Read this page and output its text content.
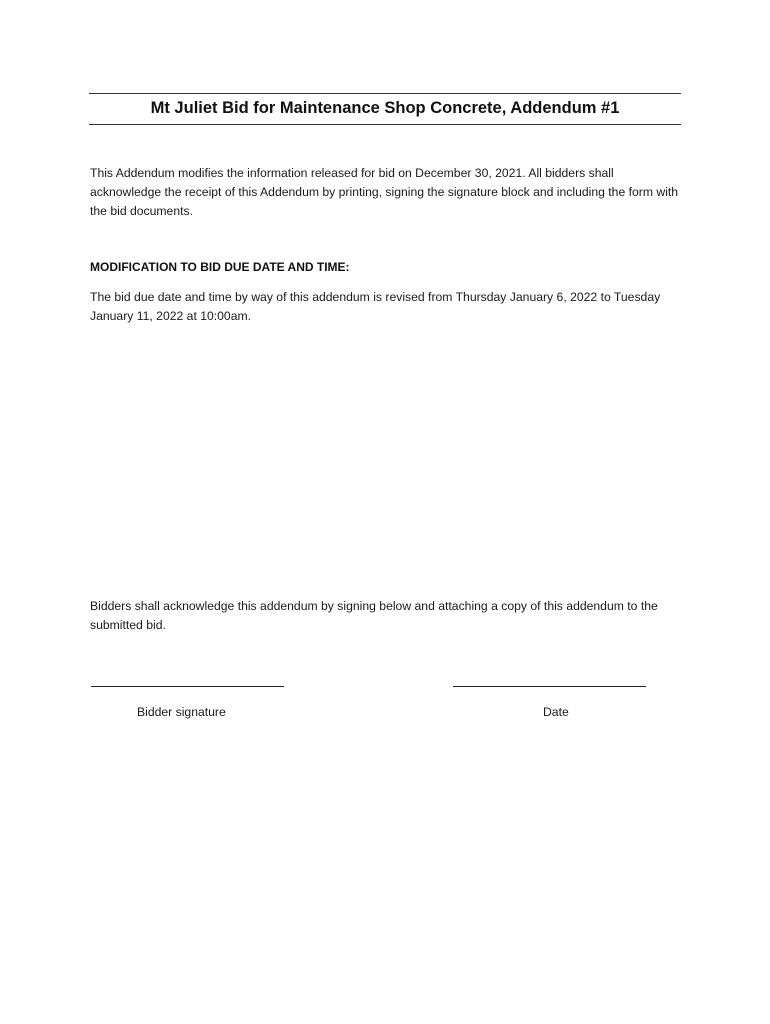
Mt Juliet Bid for Maintenance Shop Concrete, Addendum #1
This Addendum modifies the information released for bid on December 30, 2021. All bidders shall acknowledge the receipt of this Addendum by printing, signing the signature block and including the form with the bid documents.
MODIFICATION TO BID DUE DATE AND TIME:
The bid due date and time by way of this addendum is revised from Thursday January 6, 2022 to Tuesday January 11, 2022 at 10:00am.
Bidders shall acknowledge this addendum by signing below and attaching a copy of this addendum to the submitted bid.
Bidder signature	Date
